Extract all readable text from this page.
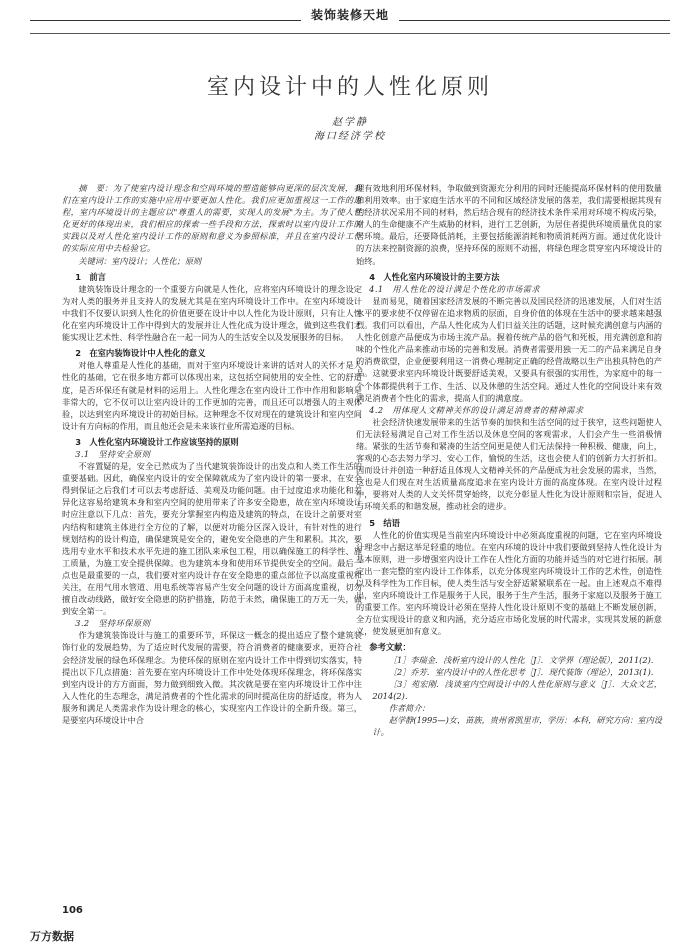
装饰装修天地
室内设计中的人性化原则
赵学静
海口经济学校

摘　要：为了使室内设计理念和空间环境的塑造能够向更深的层次发展，我们在室内设计工作的实施中应用中要更加人性化。我们应更加重视这一工作的进程，室内环境设计的主题应以"尊重人的需要，实现人的发展"为主。为了使人性化更好的体现出来，我们相应的探索一些手段和方法，探索时以室内设计工作的实践以及对人性化室内设计工作的原则和意义为参照标准，并且在室内设计工作的实际应用中去检验它。

关键词：室内设计；人性化；原则

1　前言

建筑装饰设计理念的一个重要方向就是人性化，应将室内环境设计的理念设定为对人类的服务并且支持人的发展尤其是在室内环境设计工作中。在室内环境设计中我们不仅要认识到人性化的价值更要在设计中以人性化为设计原则，只有让人性化在室内环境设计工作中得到大的发展并让人性化成为设计理念，做到这些我们才能实现让艺术性、科学性融合在一起一同为人的生活安全以及发展服务的目标。

2　在室内装饰设计中人性化的意义

对他人尊重是人性化的基础，而对于室内环境设计来讲的话对人的关怀才是人性化的基础，它在很多地方都可以体现出来，这包括空间使用的安全性、它的舒适度，是否环保还有就是材料的运用上。人性化理念在室内设计工作中作用和影响是非常大的，它不仅可以让室内设计的工作更加的完善，而且还可以增强人的主观体验，以达到室内环境设计的初始目标。这种理念不仅对现在的建筑设计和室内空间设计有方向标的作用，而且他还会是未来该行业所需追逐的目标。

3　人性化室内环境设计工作应该坚持的原则
3.1　坚持安全原则

不容置疑的是，安全已然成为了当代建筑装饰设计的出发点和人类工作生活的重要基础。因此，确保室内设计的安全保障就成为了室内设计的第一要求，在安全得到保证之后我们才可以去考虑舒适、美观及功能问题。由于过度追求功能化和差异化这容易给建筑本身和室内空间的使用带来了许多安全隐患，故在室内环境设计时应注意以下几点：首先，要充分掌握室内构造及建筑的特点，在设计之前要对室内结构和建筑主体进行全方位的了解，以便对功能分区深入设计，有针对性的进行规划结构的设计构造，确保建筑是安全的，避免安全隐患的产生和累积。其次，要选用专业水平和技术水平先进的施工团队来承包工程，用以确保施工的科学性、施工质量，为施工安全提供保障。也为建筑本身和使用环节提供安全的空间。最后一点也是最重要的一点，我们要对室内设计存在安全隐患的重点部位予以高度重视和关注，在用气用水管道、用电系统等容易产生安全问题的设计方面高度重视，切勿擅自改动线路，做好安全隐患的防护措施，防范于未然，确保施工的万无一失，做到安全第一。

3.2　坚持环保原则

作为建筑装饰设计与施工的重要环节，环保这一概念的提出适应了整个建筑装饰行业的发展趋势，为了适应时代发展的需要，符合消费者的健康要求，更符合社会经济发展的绿色环保理念。为使环保的原则在室内设计工作中得到切实落实，特提出以下几点措施：首先要在室内环境设计工作中处处体现环保理念，将环保落实到室内设计的方方面面，努力做到细致入微。其次就是要在室内环境设计工作中注入人性化的生态理念，满足消费者的个性化需求的同时提高住房的舒适度，将为人服务和满足人类需求作为设计理念的核心，实现室内工作设计的全新升级。第三，是要室内环境设计中合

理有效地利用环保材料，争取做到资源充分利用的同时还能提高环保材料的使用数量和利用效率。由于家庭生活水平的不同和区域经济发展的落差，我们需要根据其现有的经济状况采用不同的材料，然后结合现有的经济技术条件采用对环境不构成污染，对人的生命健康不产生威胁的材料，进行工艺创新，为居住者提供环境质量优良的家居环境。最后，还要降低消耗，主要包括能源消耗和物质消耗两方面。通过优化设计的方法来控制资源的浪费，坚持环保的原则不动摇，将绿色理念贯穿室内环境设计的始终。

4　人性化室内环境设计的主要方法
4.1　用人性化的设计满足个性化的市场需求

显而易见，随着国家经济发展的不断完善以及国民经济的迅速发展，人们对生活水平的要求使不仅停留在追求物质的层面，自身价值的体现在生活中的要求越来越强烈。我们可以看出，产品人性化成为人们日益关注的话题，这时候充满创意与内涵的人性化创意产品便成为市场主流产品。握着传统产品的俗气和死板，用充满创意和韵味的个性化产品来推动市场的完善和发展。消费者需要用独一无二的产品来满足自身的消费欲望，企业便要利用这一消费心理制定正确的经营战略以生产出独具特色的产品。这就要求室内环境设计既要舒适美观，又要具有很强的实用性，为家庭中的每一个个体都提供利于工作、生活、以及休憩的生活空间。通过人性化的空间设计来有效满足消费者个性化的需求，提高人们的满意度。

4.2　用体现人文精神关怀的设计满足消费者的精神需求

社会经济快速发展带来的生活节奏的加快和生活空间的过于狭窄，这些问题使人们无法轻易满足自己对工作生活以及休息空间的客观需求，人们会产生一些消极情绪。紧张的生活节奏和紧凑的生活空间更是使人们无法保持一种积极、健康，向上，客观的心态去努力学习、安心工作，愉悦的生活，这也会使人们的创新力大打折扣。因而设计并创造一种舒适且体现人文精神关怀的产品便成为社会发展的需求，当然，这也是人们现在对生活质量高度追求在室内设计方面的高度体现。在室内设计过程中，要将对人类的人文关怀贯穿始终，以充分彰显人性化为设计原则和宗旨，促进人与环境关系的和谐发展，推动社会的进步。

5　结语

人性化的价值实现是当前室内环境设计中必须高度重视的问题，它在室内环境设计理念中占据这举足轻重的地位。在室内环境的设计中我们要做到坚持人性化设计为基本原则，进一步增强室内设计工作在人性化方面的功能并适当的对它进行拓展。制定出一套完整的室内设计工作体系，以充分体现室内环境设计工作的艺术性，创造性以及科学性为工作目标，使人类生活与安全舒适紧紧联系在一起。由上述观点不难得出，室内环境设计工作是服务于人民，服务于生产生活，服务于家庭以及服务于施工的重要工作。室内环境设计必须在坚持人性化设计原则不变的基础上不断发展创新，全方位实现设计的意义和内涵，充分适应市场化发展的时代需求，实现其发展的新意义，使发展更加有意义。

参考文献：

［1］李瑞金．浅析室内设计的人性化［J］．文学界（理论版），2011(2)．

［2］乔芳．室内设计中的人性化思考［J］．现代装饰（理论），2013(1)．

［3］苑宏刚．浅谈室内空间设计中的人性化原则与意义［J］．大众文艺，2014(2)．

作者简介：

赵学静(1995—)女，苗族，贵州省凯里市，学历：本科，研究方向：室内设计。

106
万方数据
